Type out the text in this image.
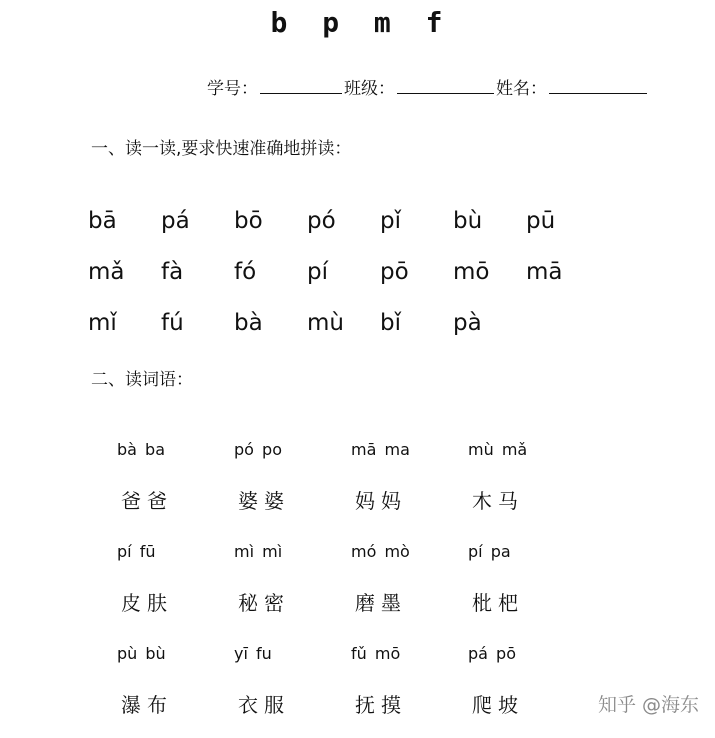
b p m f
学号：	班级：	姓名：
一、读一读,要求快速准确地拼读：
bā	pá	bō	pó	pǐ	bù	pū
mǎ	fà	fó	pí	pō	mō	mā
mǐ	fú	bà	mù	bǐ	pà
二、读词语：
bà ba	pó po	mā ma	mù mǎ
爸爸	婆婆	妈妈	木马
pí fū	mì mì	mó mò	pí pa
皮肤	秘密	磨墨	枇杷
pù bù	yī fu	fǔ mō	pá pō
瀑布	衣服	抚摸	爬坡	知乎 @海东
